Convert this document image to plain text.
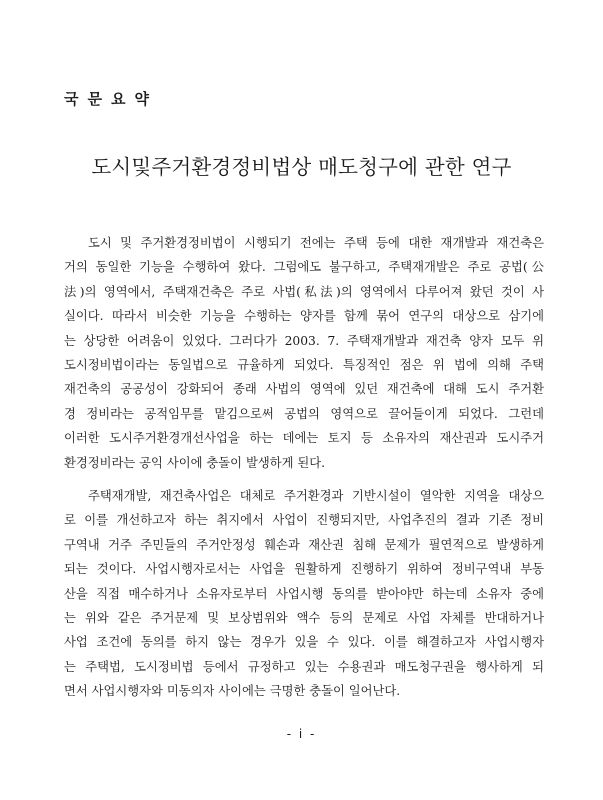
국문요약
도시및주거환경정비법상 매도청구에 관한 연구
도시 및 주거환경정비법이 시행되기 전에는 주택 등에 대한 재개발과 재건축은
거의 동일한 기능을 수행하여 왔다. 그럼에도 불구하고, 주택재개발은 주로 공법(公
法)의 영역에서, 주택재건축은 주로 사법(私法)의 영역에서 다루어져 왔던 것이 사
실이다. 따라서 비슷한 기능을 수행하는 양자를 함께 묶어 연구의 대상으로 삼기에
는 상당한 어려움이 있었다. 그러다가 2003. 7. 주택재개발과 재건축 양자 모두 위
도시정비법이라는 동일법으로 규율하게 되었다. 특징적인 점은 위 법에 의해 주택
재건축의 공공성이 강화되어 종래 사법의 영역에 있던 재건축에 대해 도시 주거환
경 정비라는 공적임무를 맡김으로써 공법의 영역으로 끌어들이게 되었다. 그런데
이러한 도시주거환경개선사업을 하는 데에는 토지 등 소유자의 재산권과 도시주거
환경정비라는 공익 사이에 충돌이 발생하게 된다.
주택재개발, 재건축사업은 대체로 주거환경과 기반시설이 열악한 지역을 대상으
로 이를 개선하고자 하는 취지에서 사업이 진행되지만, 사업추진의 결과 기존 정비
구역내 거주 주민들의 주거안정성 훼손과 재산권 침해 문제가 필연적으로 발생하게
되는 것이다. 사업시행자로서는 사업을 원활하게 진행하기 위하여 정비구역내 부동
산을 직접 매수하거나 소유자로부터 사업시행 동의를 받아야만 하는데 소유자 중에
는 위와 같은 주거문제 및 보상범위와 액수 등의 문제로 사업 자체를 반대하거나
사업 조건에 동의를 하지 않는 경우가 있을 수 있다. 이를 해결하고자 사업시행자
는 주택법, 도시정비법 등에서 규정하고 있는 수용권과 매도청구권을 행사하게 되
면서 사업시행자와 미동의자 사이에는 극명한 충돌이 일어난다.
- i -
